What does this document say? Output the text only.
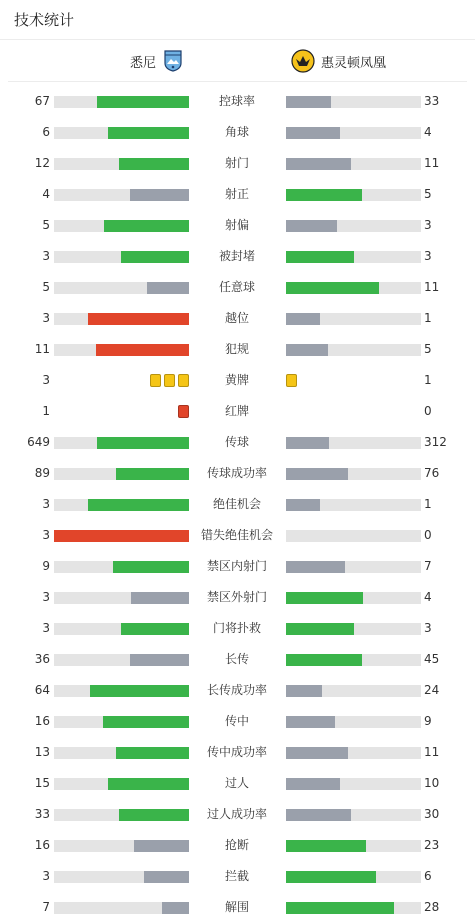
技术统计
悉尼	惠灵顿凤凰
67	控球率	33
6	角球	4
12	射门	11
4	射正	5
5	射偏	3
3	被封堵	3
5	任意球	11
3	越位	1
11	犯规	5
3	黄牌	1
1	红牌	0
649	传球	312
89	传球成功率	76
3	绝佳机会	1
3	错失绝佳机会	0
9	禁区内射门	7
3	禁区外射门	4
3	门将扑救	3
36	长传	45
64	长传成功率	24
16	传中	9
13	传中成功率	11
15	过人	10
33	过人成功率	30
16	抢断	23
3	拦截	6
7	解围	28
